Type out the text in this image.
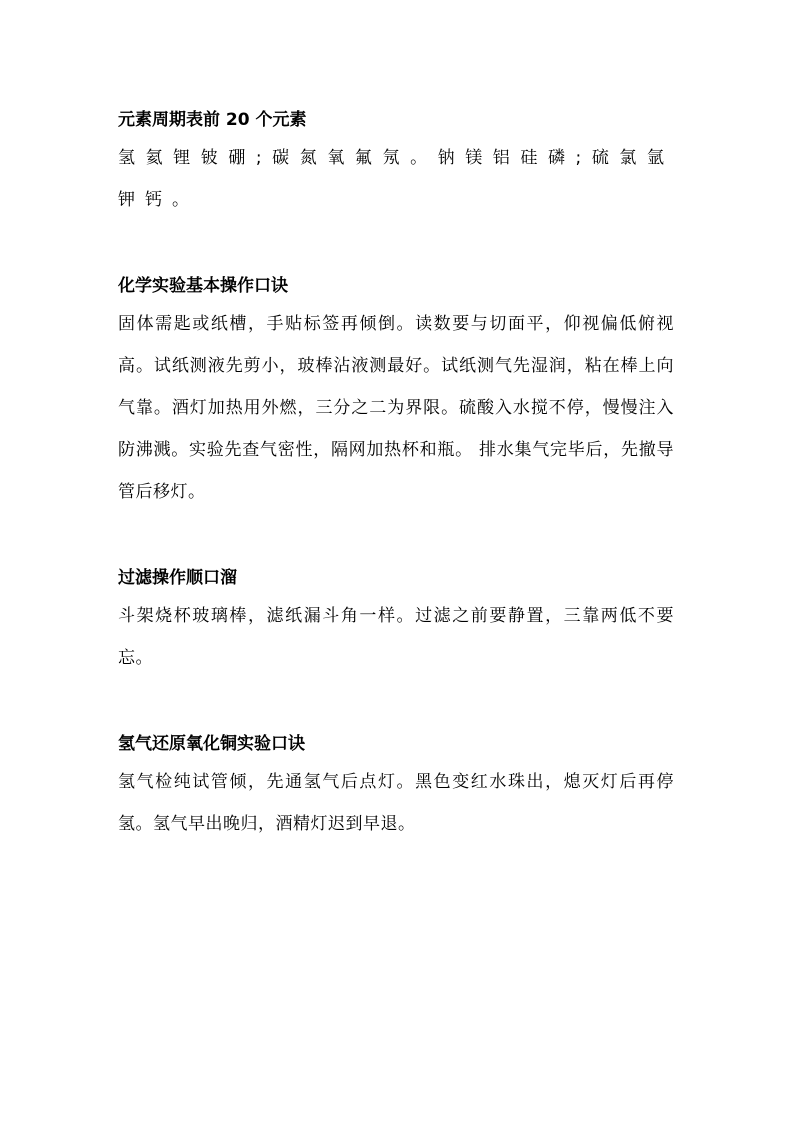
元素周期表前 20 个元素

氢氦锂铍硼;碳氮氧氟氖。钠镁铝硅磷;硫氯氩钾钙。

化学实验基本操作口诀

固体需匙或纸槽，手贴标签再倾倒。读数要与切面平，仰视偏低俯视高。试纸测液先剪小，玻棒沾液测最好。试纸测气先湿润，粘在棒上向气靠。酒灯加热用外燃，三分之二为界限。硫酸入水搅不停，慢慢注入防沸溅。实验先查气密性，隔网加热杯和瓶。 排水集气完毕后，先撤导管后移灯。

过滤操作顺口溜

斗架烧杯玻璃棒，滤纸漏斗角一样。过滤之前要静置，三靠两低不要忘。

氢气还原氧化铜实验口诀

氢气检纯试管倾，先通氢气后点灯。黑色变红水珠出，熄灭灯后再停氢。氢气早出晚归，酒精灯迟到早退。
